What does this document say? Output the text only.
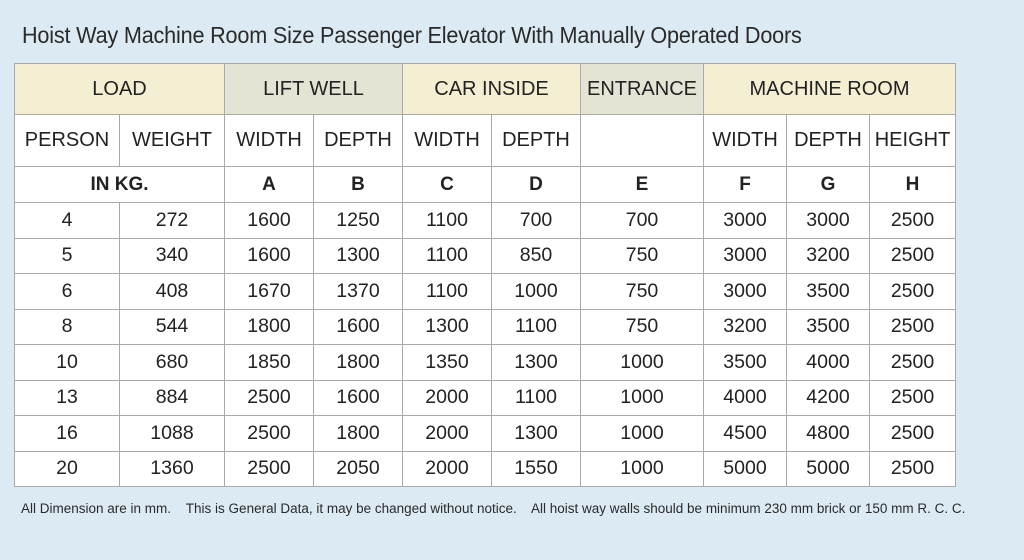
Hoist Way Machine Room Size Passenger Elevator With Manually Operated Doors
LOAD		LIFT WELL		CAR INSIDE		ENTRANCE	MACHINE ROOM		
PERSON	WEIGHT	WIDTH	DEPTH	WIDTH	DEPTH		WIDTH	DEPTH	HEIGHT
IN KG.		A	B	C	D	E	F	G	H
4	272	1600	1250	1100	700	700	3000	3000	2500
5	340	1600	1300	1100	850	750	3000	3200	2500
6	408	1670	1370	1100	1000	750	3000	3500	2500
8	544	1800	1600	1300	1100	750	3200	3500	2500
10	680	1850	1800	1350	1300	1000	3500	4000	2500
13	884	2500	1600	2000	1100	1000	4000	4200	2500
16	1088	2500	1800	2000	1300	1000	4500	4800	2500
20	1360	2500	2050	2000	1550	1000	5000	5000	2500
All Dimension are in mm.    This is General Data, it may be changed without notice.    All hoist way walls should be minimum 230 mm brick or 150 mm R. C. C.
